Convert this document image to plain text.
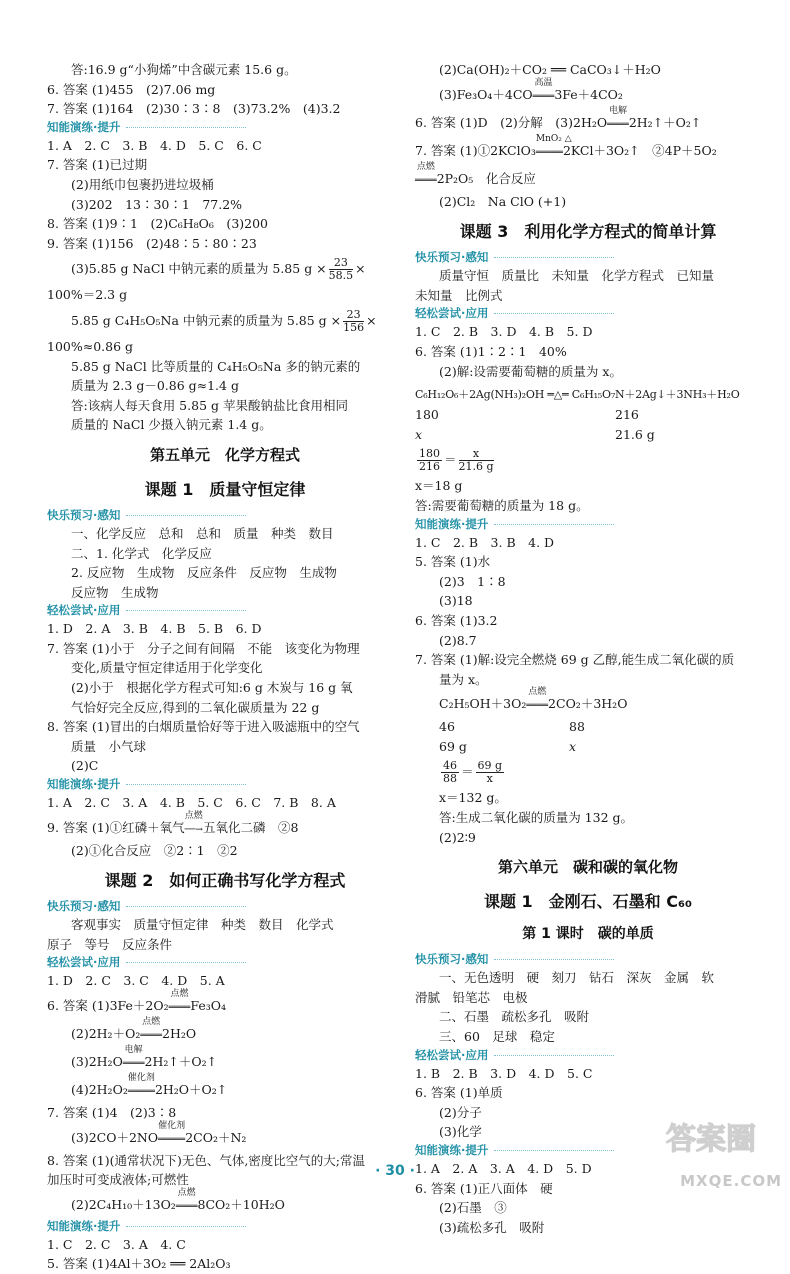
答:16.9 g“小狗烯”中含碳元素 15.6 g。
6. 答案 (1)455　(2)7.06 mg
7. 答案 (1)164　(2)30∶3∶8　(3)73.2%　(4)3.2
知能演练·提升
1. A　2. C　3. B　4. D　5. C　6. C
7. 答案 (1)已过期
(2)用纸巾包裹扔进垃圾桶
(3)202　13∶30∶1　77.2%
8. 答案 (1)9∶1　(2)C₆H₈O₆　(3)200
9. 答案 (1)156　(2)48∶5∶80∶23
(3)5.85 g NaCl 中钠元素的质量为 5.85 $g \times \frac{23}{58.5}$ ×
100%＝2.3 g
5.85 g C₄H₅O₅Na 中钠元素的质量为 5.85 $g \times \frac{23}{156}$ ×
100%≈0.86 g
5.85 g NaCl 比等质量的 C₄H₅O₅Na 多的钠元素的
质量为 2.3 g－0.86 g≈1.4 g
答:该病人每天食用 5.85 g 苹果酸钠盐比食用相同
质量的 NaCl 少摄入钠元素 1.4 g。
第五单元　化学方程式
课题 1　质量守恒定律
快乐预习·感知
一、化学反应　总和　总和　质量　种类　数目
二、1. 化学式　化学反应
2. 反应物　生成物　反应条件　反应物　生成物
反应物　生成物
轻松尝试·应用
1. D　2. A　3. B　4. B　5. B　6. D
7. 答案 (1)小于　分子之间有间隔　不能　该变化为物理
变化,质量守恒定律适用于化学变化
(2)小于　根据化学方程式可知:6 g 木炭与 16 g 氧
气恰好完全反应,得到的二氧化碳质量为 22 g
8. 答案 (1)冒出的白烟质量恰好等于进入吸滤瓶中的空气
质量　小气球
(2)C
知能演练·提升
1. A　2. C　3. A　4. B　5. C　6. C　7. B　8. A
9. 答案 (1)①红磷＋氧气
点燃
──→五氧化二磷　②8
(2)①化合反应　②2∶1　②2
课题 2　如何正确书写化学方程式
快乐预习·感知
客观事实　质量守恒定律　种类　数目　化学式
原子　等号　反应条件
轻松尝试·应用
1. D　2. C　3. C　4. D　5. A
6. 答案 (1)3Fe＋2O₂
点燃
════Fe₃O₄
(2)2H₂＋O₂
点燃
════2H₂O
(3)2H₂O
电解
════2H₂↑＋O₂↑
(4)2H₂O₂
催化剂
═════2H₂O＋O₂↑
7. 答案 (1)4　(2)3∶8
(3)2CO＋2NO
催化剂
═════2CO₂＋N₂
8. 答案 (1)(通常状况下)无色、气体,密度比空气的大;常温
加压时可变成液体;可燃性
(2)2C₄H₁₀＋13O₂
点燃
════8CO₂＋10H₂O
知能演练·提升
1. C　2. C　3. A　4. C
5. 答案 (1)4Al＋3O₂ ══ 2Al₂O₃
(2)Ca(OH)₂＋CO₂ ══ CaCO₃↓＋H₂O
(3)Fe₃O₄＋4CO
高温
════3Fe＋4CO₂
6. 答案 (1)D　(2)分解　(3)2H₂O
电解
════2H₂↑＋O₂↑
7. 答案 (1)①2KClO₃
MnO₂ △
═════2KCl＋3O₂↑　②4P＋5O₂
点燃
════2P₂O₅　化合反应
(2)Cl₂　Na ClO (+1)
课题 3　利用化学方程式的简单计算
快乐预习·感知
质量守恒　质量比　未知量　化学方程式　已知量
未知量　比例式
轻松尝试·应用
1. C　2. B　3. D　4. B　5. D
6. 答案 (1)1∶2∶1　40%
(2)解:设需要葡萄糖的质量为 x。
C₆H₁₂O₆＋2Ag(NH₃)₂OH ═△═ C₆H₁₅O₇N＋2Ag↓＋3NH₃＋H₂O
180	216
x	21.6 g
$\frac{180}{216} = \frac{x}{21.6 g}$
x＝18 g
答:需要葡萄糖的质量为 18 g。
知能演练·提升
1. C　2. B　3. B　4. D
5. 答案 (1)水
(2)3　1∶8
(3)18
6. 答案 (1)3.2
(2)8.7
7. 答案 (1)解:设完全燃烧 69 g 乙醇,能生成二氧化碳的质
量为 x。
C₂H₅OH＋3O₂
点燃
════2CO₂＋3H₂O
46	88
69 g	x
$\frac{46}{88} = \frac{69 g}{x}$
x＝132 g。
答:生成二氧化碳的质量为 132 g。
(2)2∶9
第六单元　碳和碳的氧化物
课题 1　金刚石、石墨和 C₆₀
第 1 课时　碳的单质
快乐预习·感知
一、无色透明　硬　刻刀　钻石　深灰　金属　软
滑腻　铅笔芯　电极
二、石墨　疏松多孔　吸附
三、60　足球　稳定
轻松尝试·应用
1. B　2. B　3. D　4. D　5. C
6. 答案 (1)单质
(2)分子
(3)化学
知能演练·提升
1. A　2. A　3. A　4. D　5. D
6. 答案 (1)正八面体　硬
(2)石墨　③
(3)疏松多孔　吸附
· 30 ·
答案圈
MXQE.COM
